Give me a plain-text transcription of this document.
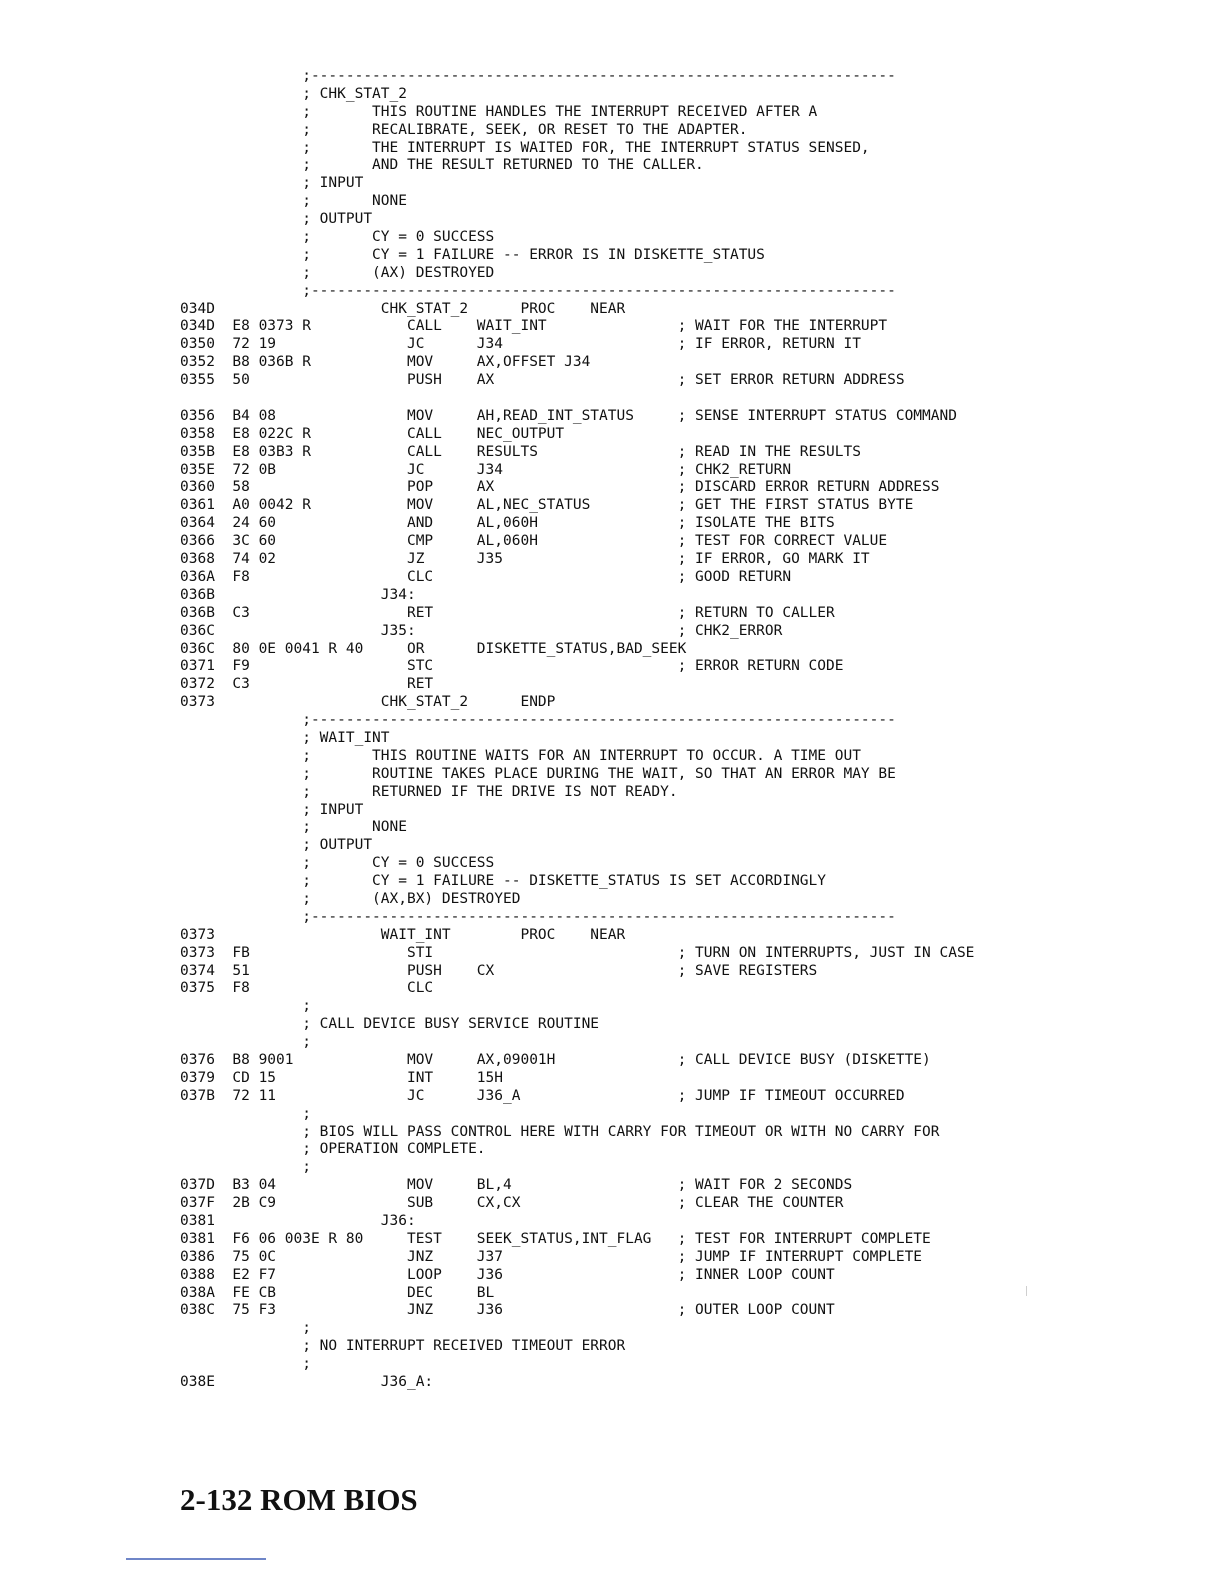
;-------------------------------------------------------------------
; CHK_STAT_2
;       THIS ROUTINE HANDLES THE INTERRUPT RECEIVED AFTER A
;       RECALIBRATE, SEEK, OR RESET TO THE ADAPTER.
;       THE INTERRUPT IS WAITED FOR, THE INTERRUPT STATUS SENSED,
;       AND THE RESULT RETURNED TO THE CALLER.
; INPUT
;       NONE
; OUTPUT
;       CY = 0 SUCCESS
;       CY = 1 FAILURE -- ERROR IS IN DISKETTE_STATUS
;       (AX) DESTROYED
;-------------------------------------------------------------------
034D                   CHK_STAT_2      PROC    NEAR
034D  E8 0373 R           CALL    WAIT_INT               ; WAIT FOR THE INTERRUPT
0350  72 19               JC      J34                    ; IF ERROR, RETURN IT
0352  B8 036B R           MOV     AX,OFFSET J34
0355  50                  PUSH    AX                     ; SET ERROR RETURN ADDRESS
0356  B4 08               MOV     AH,READ_INT_STATUS     ; SENSE INTERRUPT STATUS COMMAND
0358  E8 022C R           CALL    NEC_OUTPUT
035B  E8 03B3 R           CALL    RESULTS                ; READ IN THE RESULTS
035E  72 0B               JC      J34                    ; CHK2_RETURN
0360  58                  POP     AX                     ; DISCARD ERROR RETURN ADDRESS
0361  A0 0042 R           MOV     AL,NEC_STATUS          ; GET THE FIRST STATUS BYTE
0364  24 60               AND     AL,060H                ; ISOLATE THE BITS
0366  3C 60               CMP     AL,060H                ; TEST FOR CORRECT VALUE
0368  74 02               JZ      J35                    ; IF ERROR, GO MARK IT
036A  F8                  CLC                            ; GOOD RETURN
036B                   J34:
036B  C3                  RET                            ; RETURN TO CALLER
036C                   J35:                              ; CHK2_ERROR
036C  80 0E 0041 R 40     OR      DISKETTE_STATUS,BAD_SEEK
0371  F9                  STC                            ; ERROR RETURN CODE
0372  C3                  RET
0373                   CHK_STAT_2      ENDP
;-------------------------------------------------------------------
; WAIT_INT
;       THIS ROUTINE WAITS FOR AN INTERRUPT TO OCCUR. A TIME OUT
;       ROUTINE TAKES PLACE DURING THE WAIT, SO THAT AN ERROR MAY BE
;       RETURNED IF THE DRIVE IS NOT READY.
; INPUT
;       NONE
; OUTPUT
;       CY = 0 SUCCESS
;       CY = 1 FAILURE -- DISKETTE_STATUS IS SET ACCORDINGLY
;       (AX,BX) DESTROYED
;-------------------------------------------------------------------
0373                   WAIT_INT        PROC    NEAR
0373  FB                  STI                            ; TURN ON INTERRUPTS, JUST IN CASE
0374  51                  PUSH    CX                     ; SAVE REGISTERS
0375  F8                  CLC
;
; CALL DEVICE BUSY SERVICE ROUTINE
;
0376  B8 9001             MOV     AX,09001H              ; CALL DEVICE BUSY (DISKETTE)
0379  CD 15               INT     15H
037B  72 11               JC      J36_A                  ; JUMP IF TIMEOUT OCCURRED
;
; BIOS WILL PASS CONTROL HERE WITH CARRY FOR TIMEOUT OR WITH NO CARRY FOR
; OPERATION COMPLETE.
;
037D  B3 04               MOV     BL,4                   ; WAIT FOR 2 SECONDS
037F  2B C9               SUB     CX,CX                  ; CLEAR THE COUNTER
0381                   J36:
0381  F6 06 003E R 80     TEST    SEEK_STATUS,INT_FLAG   ; TEST FOR INTERRUPT COMPLETE
0386  75 0C               JNZ     J37                    ; JUMP IF INTERRUPT COMPLETE
0388  E2 F7               LOOP    J36                    ; INNER LOOP COUNT
038A  FE CB               DEC     BL
038C  75 F3               JNZ     J36                    ; OUTER LOOP COUNT
;
; NO INTERRUPT RECEIVED TIMEOUT ERROR
;
038E                   J36_A:
2-132 ROM BIOS
